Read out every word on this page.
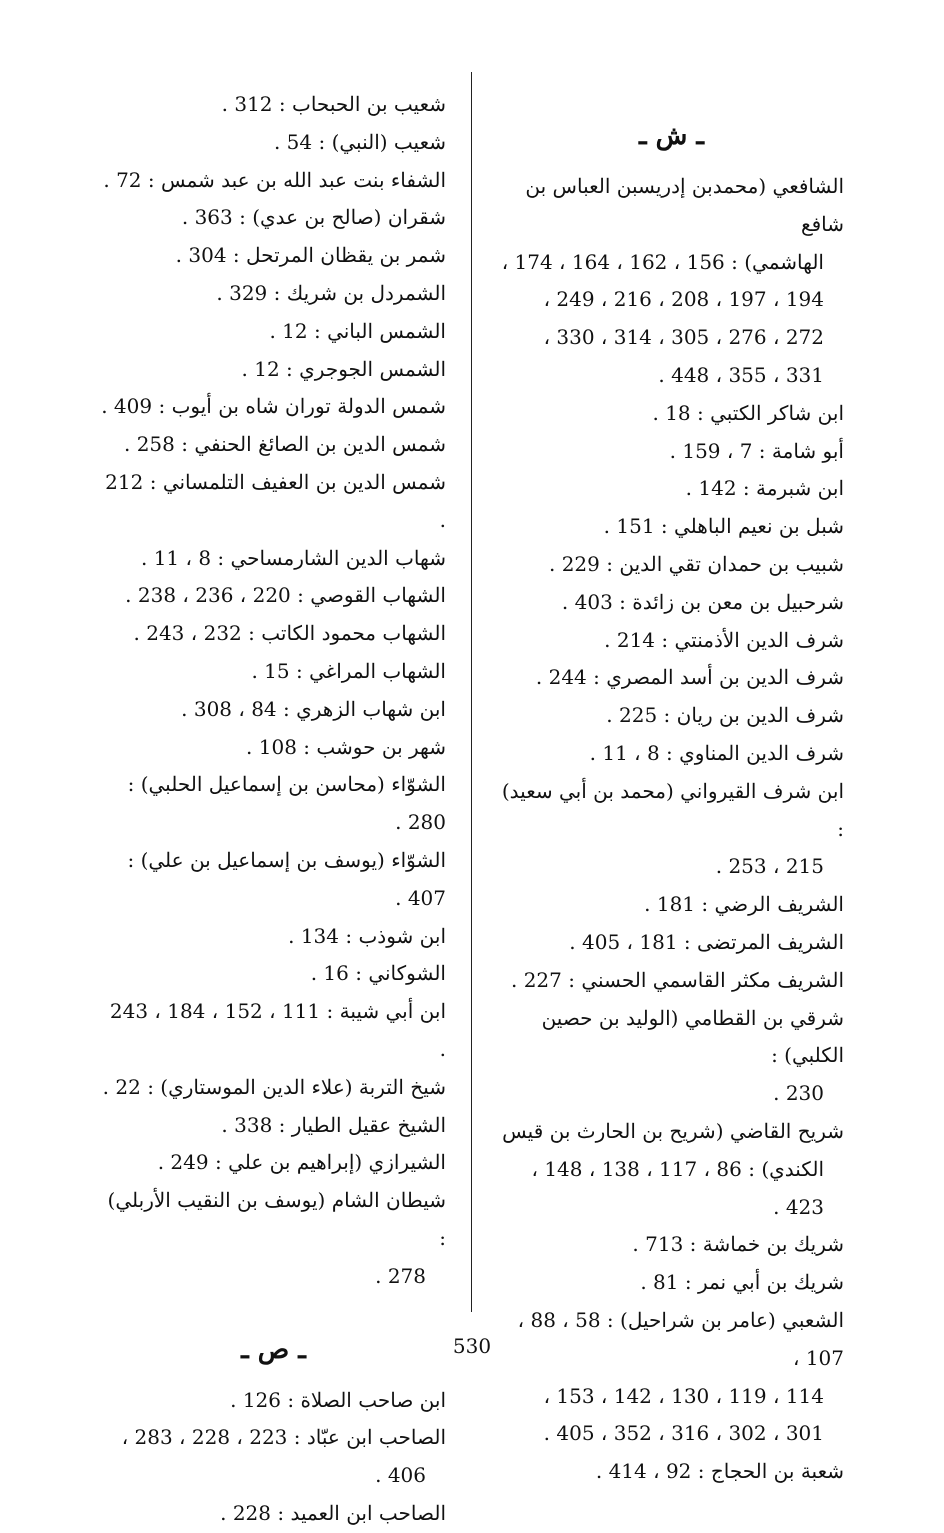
ـ ش ـ
الشافعي (محمدبن إدريسبن العباس بن شافع
الهاشمي) : 156 ، 162 ، 164 ، 174 ،
194 ، 197 ، 208 ، 216 ، 249 ،
272 ، 276 ، 305 ، 314 ، 330 ،
331 ، 355 ، 448 .
ابن شاكر الكتبي : 18 .
أبو شامة : 7 ، 159 .
ابن شبرمة : 142 .
شبل بن نعيم الباهلي : 151 .
شبيب بن حمدان تقي الدين : 229 .
شرحبيل بن معن بن زائدة : 403 .
شرف الدين الأذمنتي : 214 .
شرف الدين بن أسد المصري : 244 .
شرف الدين بن ريان : 225 .
شرف الدين المناوي : 8 ، 11 .
ابن شرف القيرواني (محمد بن أبي سعيد) :
215 ، 253 .
الشريف الرضي : 181 .
الشريف المرتضى : 181 ، 405 .
الشريف مكثر القاسمي الحسني : 227 .
شرقي بن القطامي (الوليد بن حصين الكلبي) :
230 .
شريح القاضي (شريح بن الحارث بن قيس
الكندي) : 86 ، 117 ، 138 ، 148 ،
423 .
شريك بن خماشة : 713 .
شريك بن أبي نمر : 81 .
الشعبي (عامر بن شراحيل) : 58 ، 88 ، 107 ،
114 ، 119 ، 130 ، 142 ، 153 ،
301 ، 302 ، 316 ، 352 ، 405 .
شعبة بن الحجاج : 92 ، 414 .
شعيب بن الحبحاب : 312 .
شعيب (النبي) : 54 .
الشفاء بنت عبد الله بن عبد شمس : 72 .
شقران (صالح بن عدي) : 363 .
شمر بن يقظان المرتحل : 304 .
الشمردل بن شريك : 329 .
الشمس الباني : 12 .
الشمس الجوجري : 12 .
شمس الدولة توران شاه بن أيوب : 409 .
شمس الدين بن الصائغ الحنفي : 258 .
شمس الدين بن العفيف التلمساني : 212 .
شهاب الدين الشارمساحي : 8 ، 11 .
الشهاب القوصي : 220 ، 236 ، 238 .
الشهاب محمود الكاتب : 232 ، 243 .
الشهاب المراغي : 15 .
ابن شهاب الزهري : 84 ، 308 .
شهر بن حوشب : 108 .
الشوّاء (محاسن بن إسماعيل الحلبي) : 280 .
الشوّاء (يوسف بن إسماعيل بن علي) : 407 .
ابن شوذب : 134 .
الشوكاني : 16 .
ابن أبي شيبة : 111 ، 152 ، 184 ، 243 .
شيخ التربة (علاء الدين الموستاري) : 22 .
الشيخ عقيل الطيار : 338 .
الشيرازي (إبراهيم بن علي : 249 .
شيطان الشام (يوسف بن النقيب الأربلي) :
278 .
ـ ص ـ
ابن صاحب الصلاة : 126 .
الصاحب ابن عبّاد : 223 ، 228 ، 283 ،
406 .
الصاحب ابن العميد : 228 .
530
